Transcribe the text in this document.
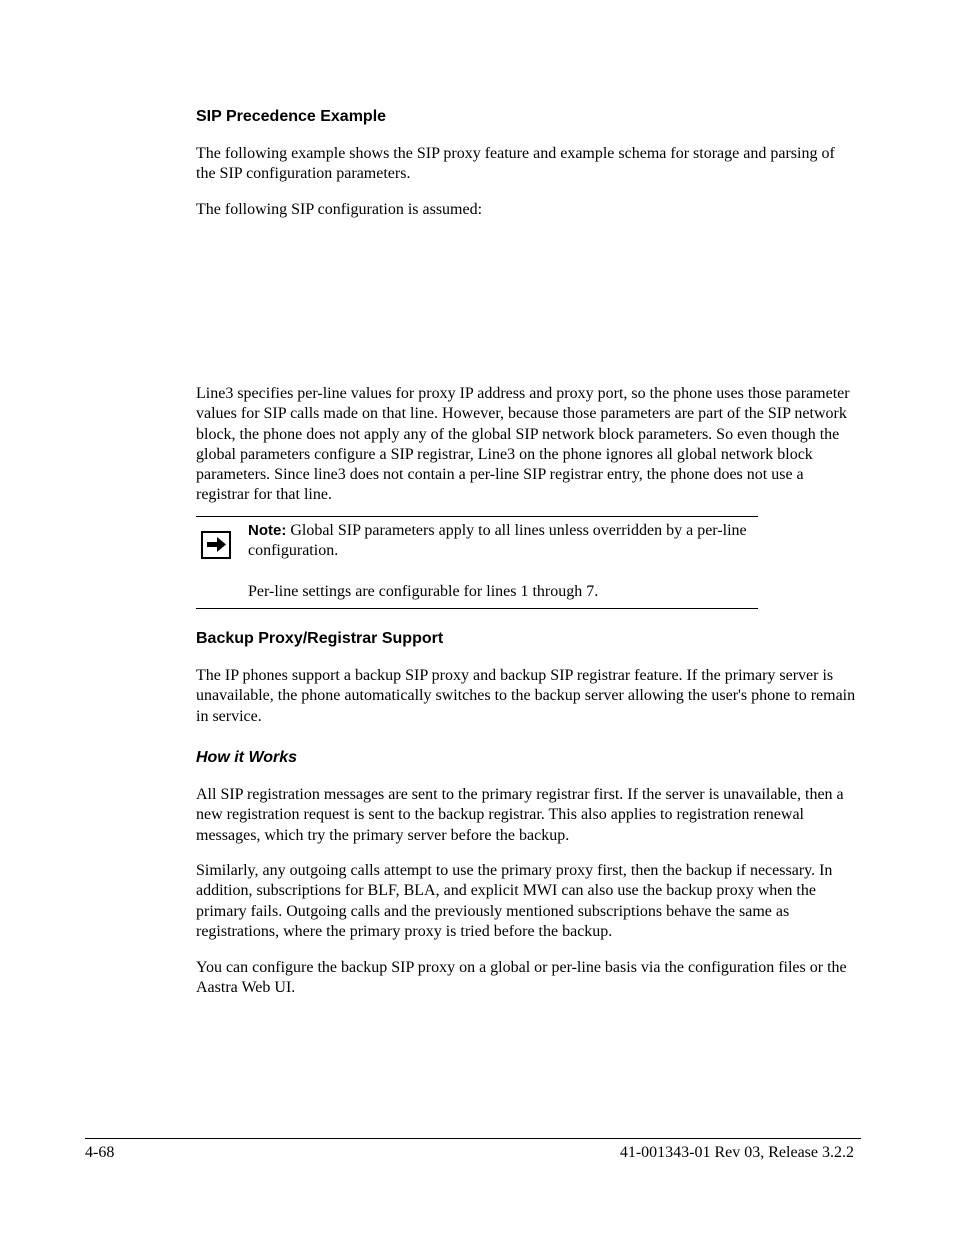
SIP Precedence Example
The following example shows the SIP proxy feature and example schema for storage and parsing of the SIP configuration parameters.
The following SIP configuration is assumed:
Line3 specifies per-line values for proxy IP address and proxy port, so the phone uses those parameter values for SIP calls made on that line. However, because those parameters are part of the SIP network block, the phone does not apply any of the global SIP network block parameters. So even though the global parameters configure a SIP registrar, Line3 on the phone ignores all global network block parameters. Since line3 does not contain a per-line SIP registrar entry, the phone does not use a registrar for that line.
Note: Global SIP parameters apply to all lines unless overridden by a per-line configuration.
Per-line settings are configurable for lines 1 through 7.
Backup Proxy/Registrar Support
The IP phones support a backup SIP proxy and backup SIP registrar feature. If the primary server is unavailable, the phone automatically switches to the backup server allowing the user's phone to remain in service.
How it Works
All SIP registration messages are sent to the primary registrar first. If the server is unavailable, then a new registration request is sent to the backup registrar. This also applies to registration renewal messages, which try the primary server before the backup.
Similarly, any outgoing calls attempt to use the primary proxy first, then the backup if necessary. In addition, subscriptions for BLF, BLA, and explicit MWI can also use the backup proxy when the primary fails. Outgoing calls and the previously mentioned subscriptions behave the same as registrations, where the primary proxy is tried before the backup.
You can configure the backup SIP proxy on a global or per-line basis via the configuration files or the Aastra Web UI.
4-68	41-001343-01 Rev 03, Release 3.2.2
